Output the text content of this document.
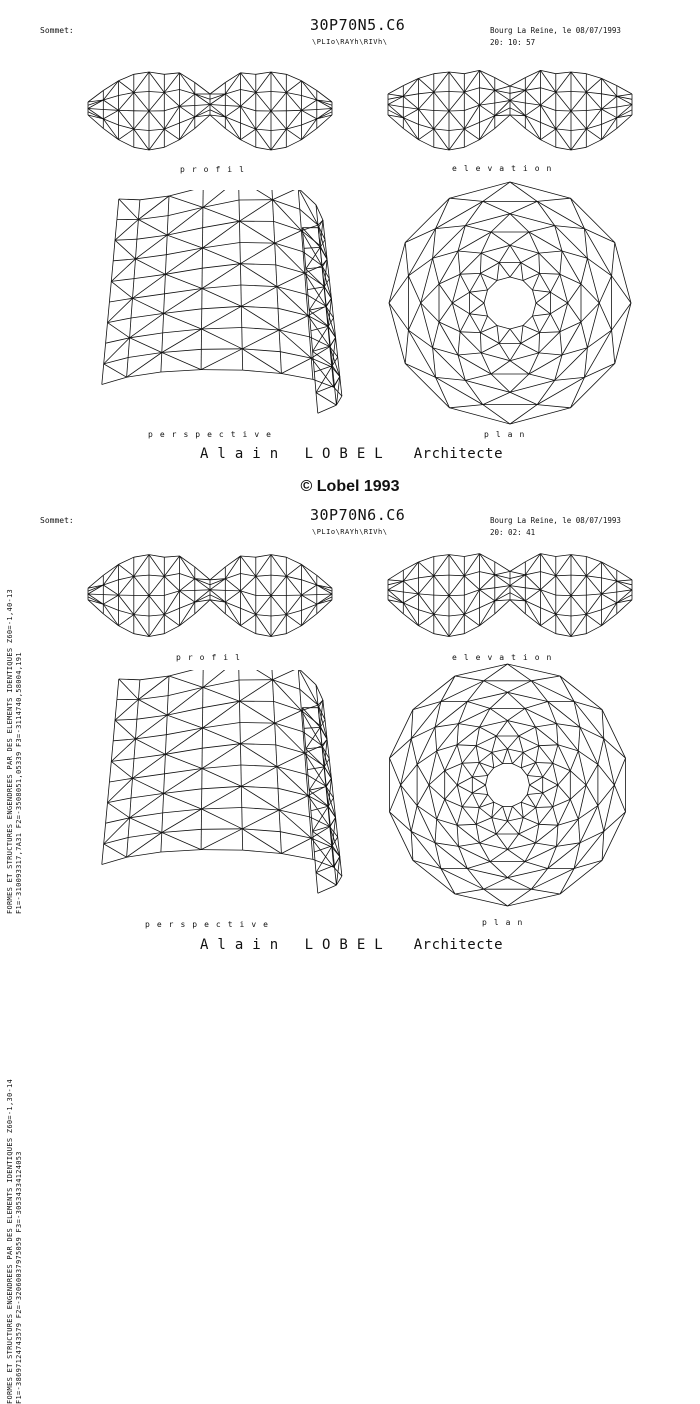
Sommet:	30P70N5.C6
\PLIo\RAYh\RIVh\
Bourg La Reine, le 08/07/1993
20: 10: 57
FORMES ET STRUCTURES ENGENDREES PAR DES ELEMENTS IDENTIQUES Z60=-1,40-13 F1=-310093317,7A31 F2=-3508051,05339 F3=-3114740,58004,191
profil	elevation
perspective	plan
Alain LOBEL Architecte
© Lobel 1993
Sommet:	30P70N6.C6
\PLIo\RAYh\RIVh\
Bourg La Reine, le 08/07/1993
20: 02: 41
FORMES ET STRUCTURES ENGENDREES PAR DES ELEMENTS IDENTIQUES Z60=-1,30-14 F1=-38697124743579 F2=-32060037975059 F3=-30534334124053
profil	elevation
perspective	plan
Alain LOBEL Architecte
